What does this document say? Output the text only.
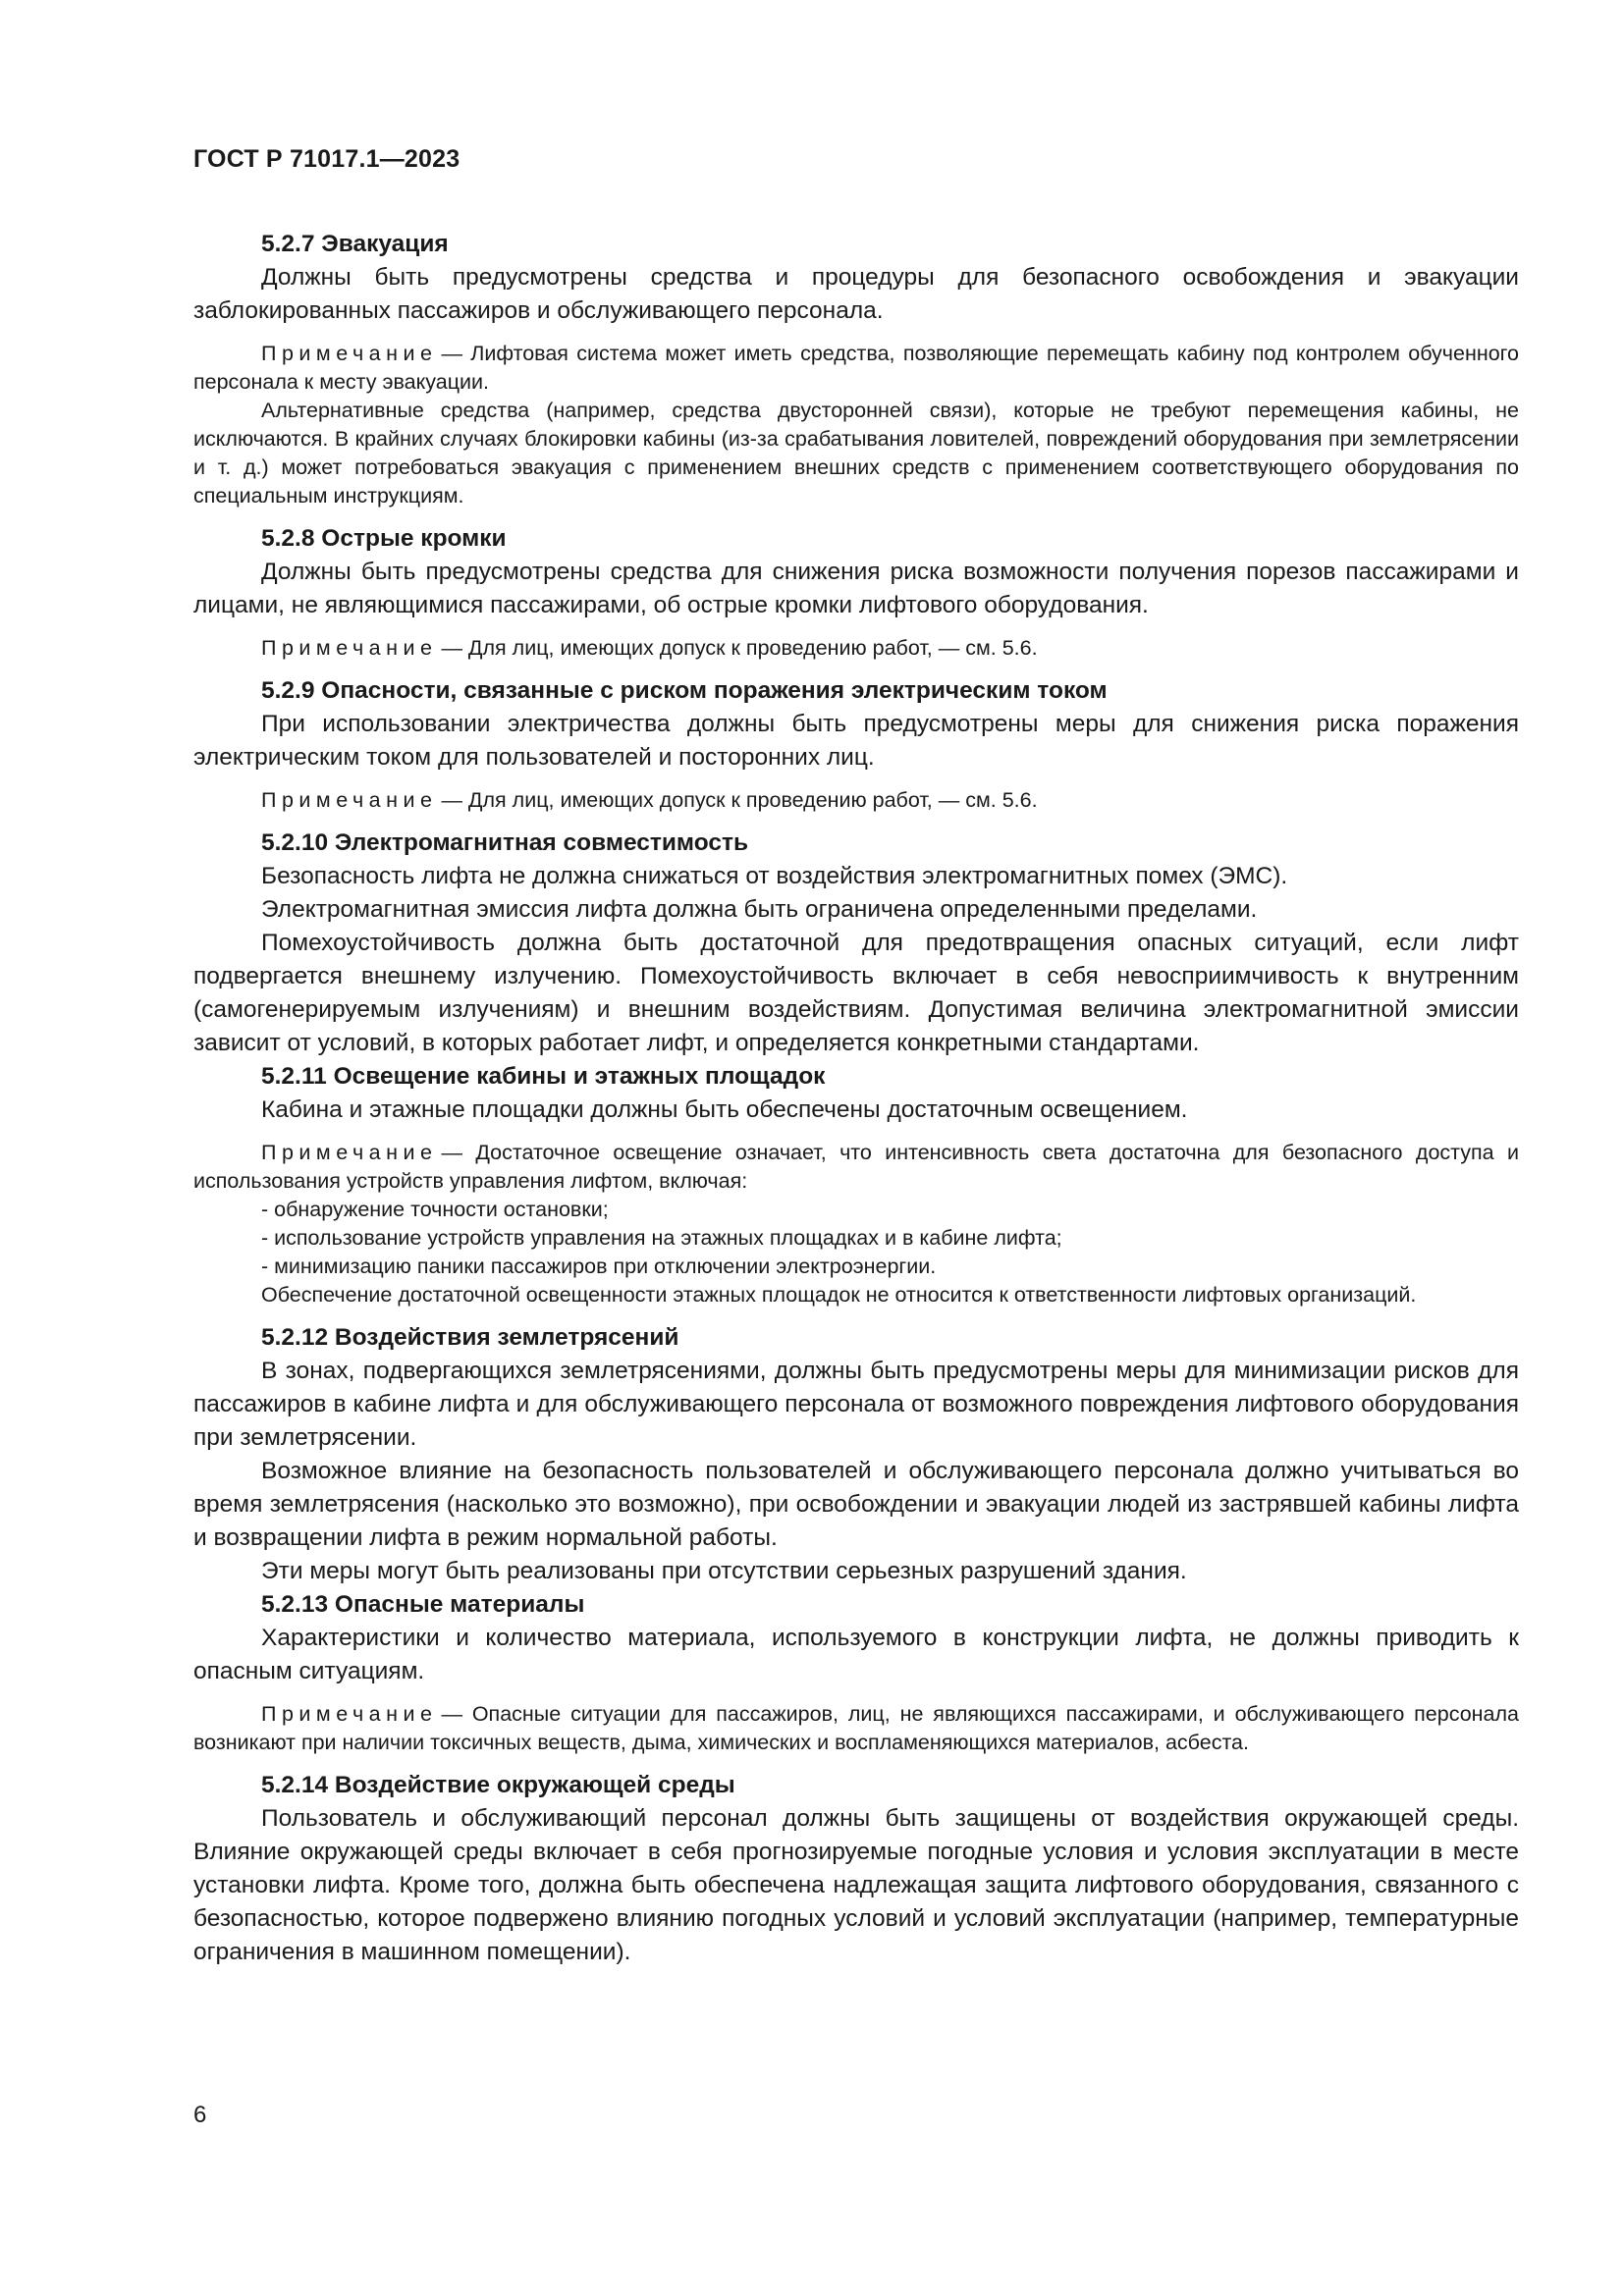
ГОСТ Р 71017.1—2023

5.2.7 Эвакуация

Должны быть предусмотрены средства и процедуры для безопасного освобождения и эвакуации заблокированных пассажиров и обслуживающего персонала.

Примечание — Лифтовая система может иметь средства, позволяющие перемещать кабину под контролем обученного персонала к месту эвакуации.

Альтернативные средства (например, средства двусторонней связи), которые не требуют перемещения кабины, не исключаются. В крайних случаях блокировки кабины (из-за срабатывания ловителей, повреждений оборудования при землетрясении и т. д.) может потребоваться эвакуация с применением внешних средств с применением соответствующего оборудования по специальным инструкциям.

5.2.8 Острые кромки

Должны быть предусмотрены средства для снижения риска возможности получения порезов пассажирами и лицами, не являющимися пассажирами, об острые кромки лифтового оборудования.

Примечание — Для лиц, имеющих допуск к проведению работ, — см. 5.6.

5.2.9 Опасности, связанные с риском поражения электрическим током

При использовании электричества должны быть предусмотрены меры для снижения риска поражения электрическим током для пользователей и посторонних лиц.

Примечание — Для лиц, имеющих допуск к проведению работ, — см. 5.6.

5.2.10 Электромагнитная совместимость

Безопасность лифта не должна снижаться от воздействия электромагнитных помех (ЭМС).

Электромагнитная эмиссия лифта должна быть ограничена определенными пределами.

Помехоустойчивость должна быть достаточной для предотвращения опасных ситуаций, если лифт подвергается внешнему излучению. Помехоустойчивость включает в себя невосприимчивость к внутренним (самогенерируемым излучениям) и внешним воздействиям. Допустимая величина электромагнитной эмиссии зависит от условий, в которых работает лифт, и определяется конкретными стандартами.

5.2.11 Освещение кабины и этажных площадок

Кабина и этажные площадки должны быть обеспечены достаточным освещением.

Примечание — Достаточное освещение означает, что интенсивность света достаточна для безопасного доступа и использования устройств управления лифтом, включая:

- обнаружение точности остановки;

- использование устройств управления на этажных площадках и в кабине лифта;

- минимизацию паники пассажиров при отключении электроэнергии.

Обеспечение достаточной освещенности этажных площадок не относится к ответственности лифтовых организаций.

5.2.12 Воздействия землетрясений

В зонах, подвергающихся землетрясениями, должны быть предусмотрены меры для минимизации рисков для пассажиров в кабине лифта и для обслуживающего персонала от возможного повреждения лифтового оборудования при землетрясении.

Возможное влияние на безопасность пользователей и обслуживающего персонала должно учитываться во время землетрясения (насколько это возможно), при освобождении и эвакуации людей из застрявшей кабины лифта и возвращении лифта в режим нормальной работы.

Эти меры могут быть реализованы при отсутствии серьезных разрушений здания.

5.2.13 Опасные материалы

Характеристики и количество материала, используемого в конструкции лифта, не должны приводить к опасным ситуациям.

Примечание — Опасные ситуации для пассажиров, лиц, не являющихся пассажирами, и обслуживающего персонала возникают при наличии токсичных веществ, дыма, химических и воспламеняющихся материалов, асбеста.

5.2.14 Воздействие окружающей среды

Пользователь и обслуживающий персонал должны быть защищены от воздействия окружающей среды. Влияние окружающей среды включает в себя прогнозируемые погодные условия и условия эксплуатации в месте установки лифта. Кроме того, должна быть обеспечена надлежащая защита лифтового оборудования, связанного с безопасностью, которое подвержено влиянию погодных условий и условий эксплуатации (например, температурные ограничения в машинном помещении).

6
